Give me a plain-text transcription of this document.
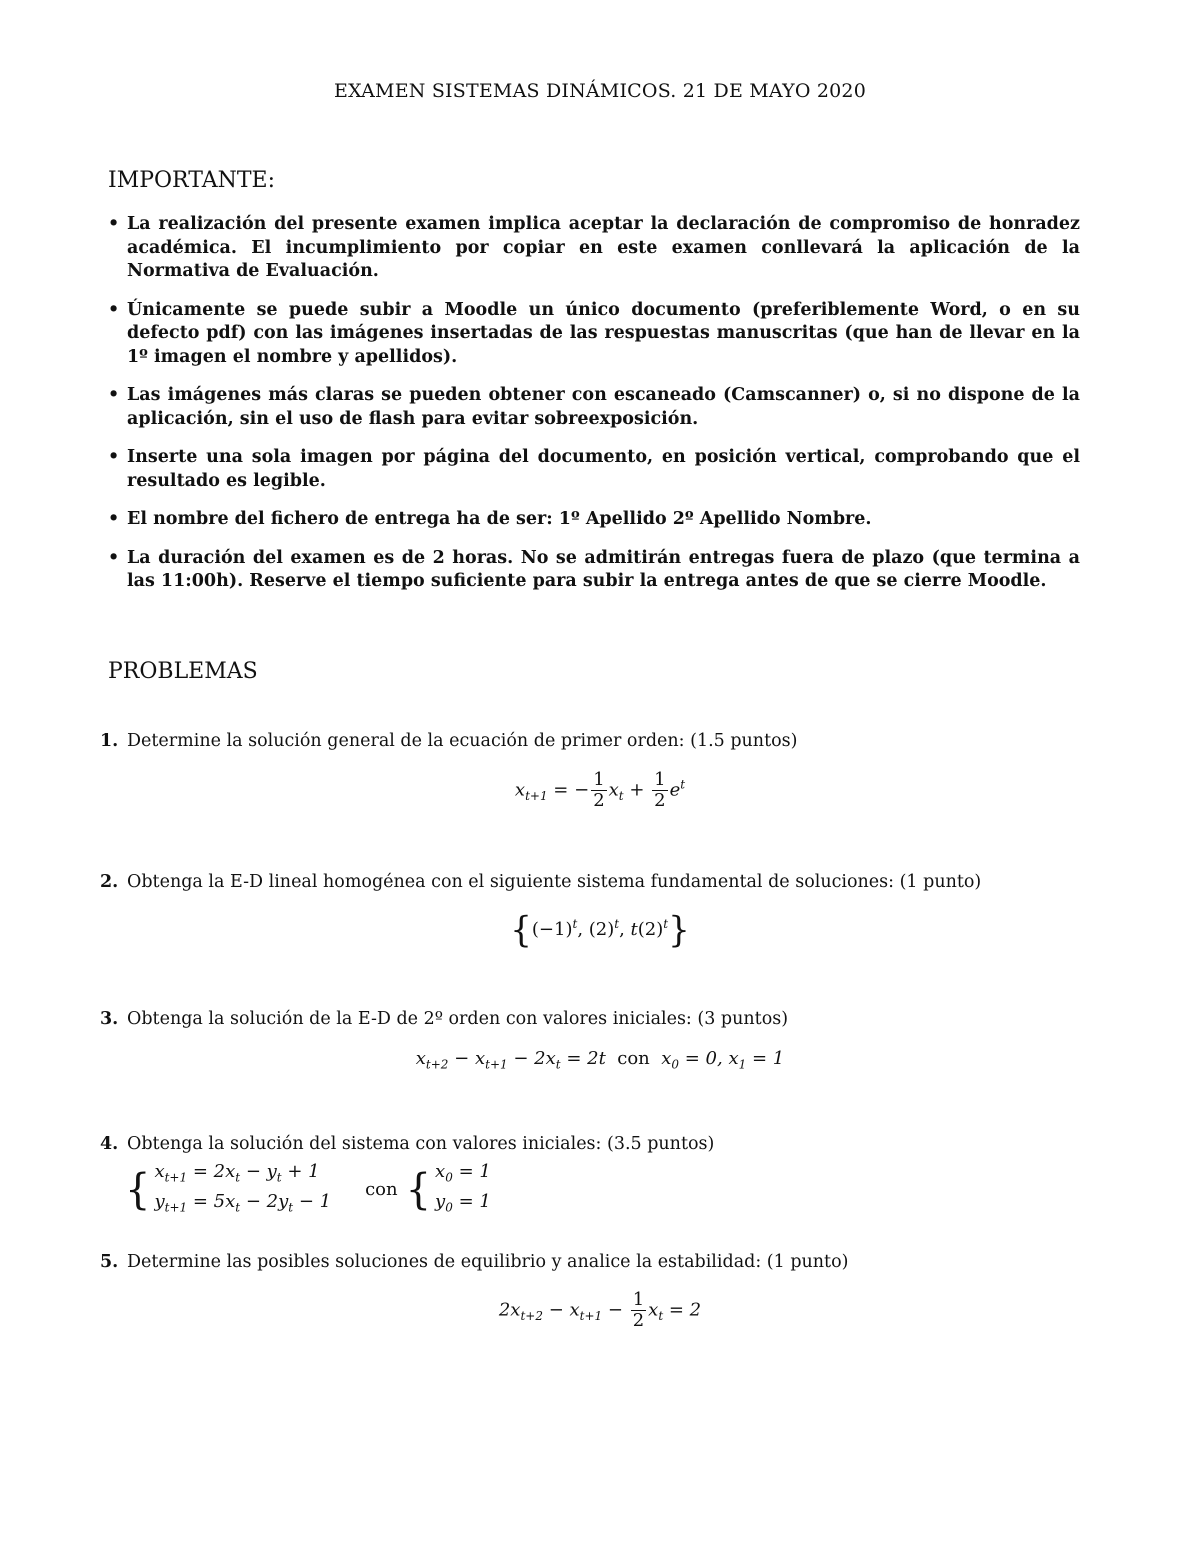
EXAMEN SISTEMAS DINÁMICOS. 21 DE MAYO 2020
IMPORTANTE:
• La realización del presente examen implica aceptar la declaración de compromiso de honradez académica. El incumplimiento por copiar en este examen conllevará la aplicación de la Normativa de Evaluación.
• Únicamente se puede subir a Moodle un único documento (preferiblemente Word, o en su defecto pdf) con las imágenes insertadas de las respuestas manuscritas (que han de llevar en la 1º imagen el nombre y apellidos).
• Las imágenes más claras se pueden obtener con escaneado (Camscanner) o, si no dispone de la aplicación, sin el uso de flash para evitar sobreexposición.
• Inserte una sola imagen por página del documento, en posición vertical, comprobando que el resultado es legible.
• El nombre del fichero de entrega ha de ser: 1º Apellido 2º Apellido Nombre.
• La duración del examen es de 2 horas. No se admitirán entregas fuera de plazo (que termina a las 11:00h). Reserve el tiempo suficiente para subir la entrega antes de que se cierre Moodle.
PROBLEMAS
1. Determine la solución general de la ecuación de primer orden: (1.5 puntos)
$x_{t+1}$ = − $\frac{1}{2} x_t + \frac{1}{2} e^t$
2. Obtenga la E-D lineal homogénea con el siguiente sistema fundamental de soluciones: (1 punto)
{$(-1)^t$, $(2)^t$, $t(2)^t$}
3. Obtenga la solución de la E-D de 2º orden con valores iniciales: (3 puntos)
$x_{t+2} - x_{t+1} - 2x_t = 2t$  con  $x_0 = 0$, $x_1 = 1$
4. Obtenga la solución del sistema con valores iniciales: (3.5 puntos)
{ $x_{t+1} = 2x_t - y_t + 1$
$y_{t+1} = 5x_t - 2y_t - 1con$ { $x_0 = 1$
$y_0 = 1$
5. Determine las posibles soluciones de equilibrio y analice la estabilidad: (1 punto)
$2x_{t+2} - x_{t+1} - \frac{1}{2} x_t = 2$
